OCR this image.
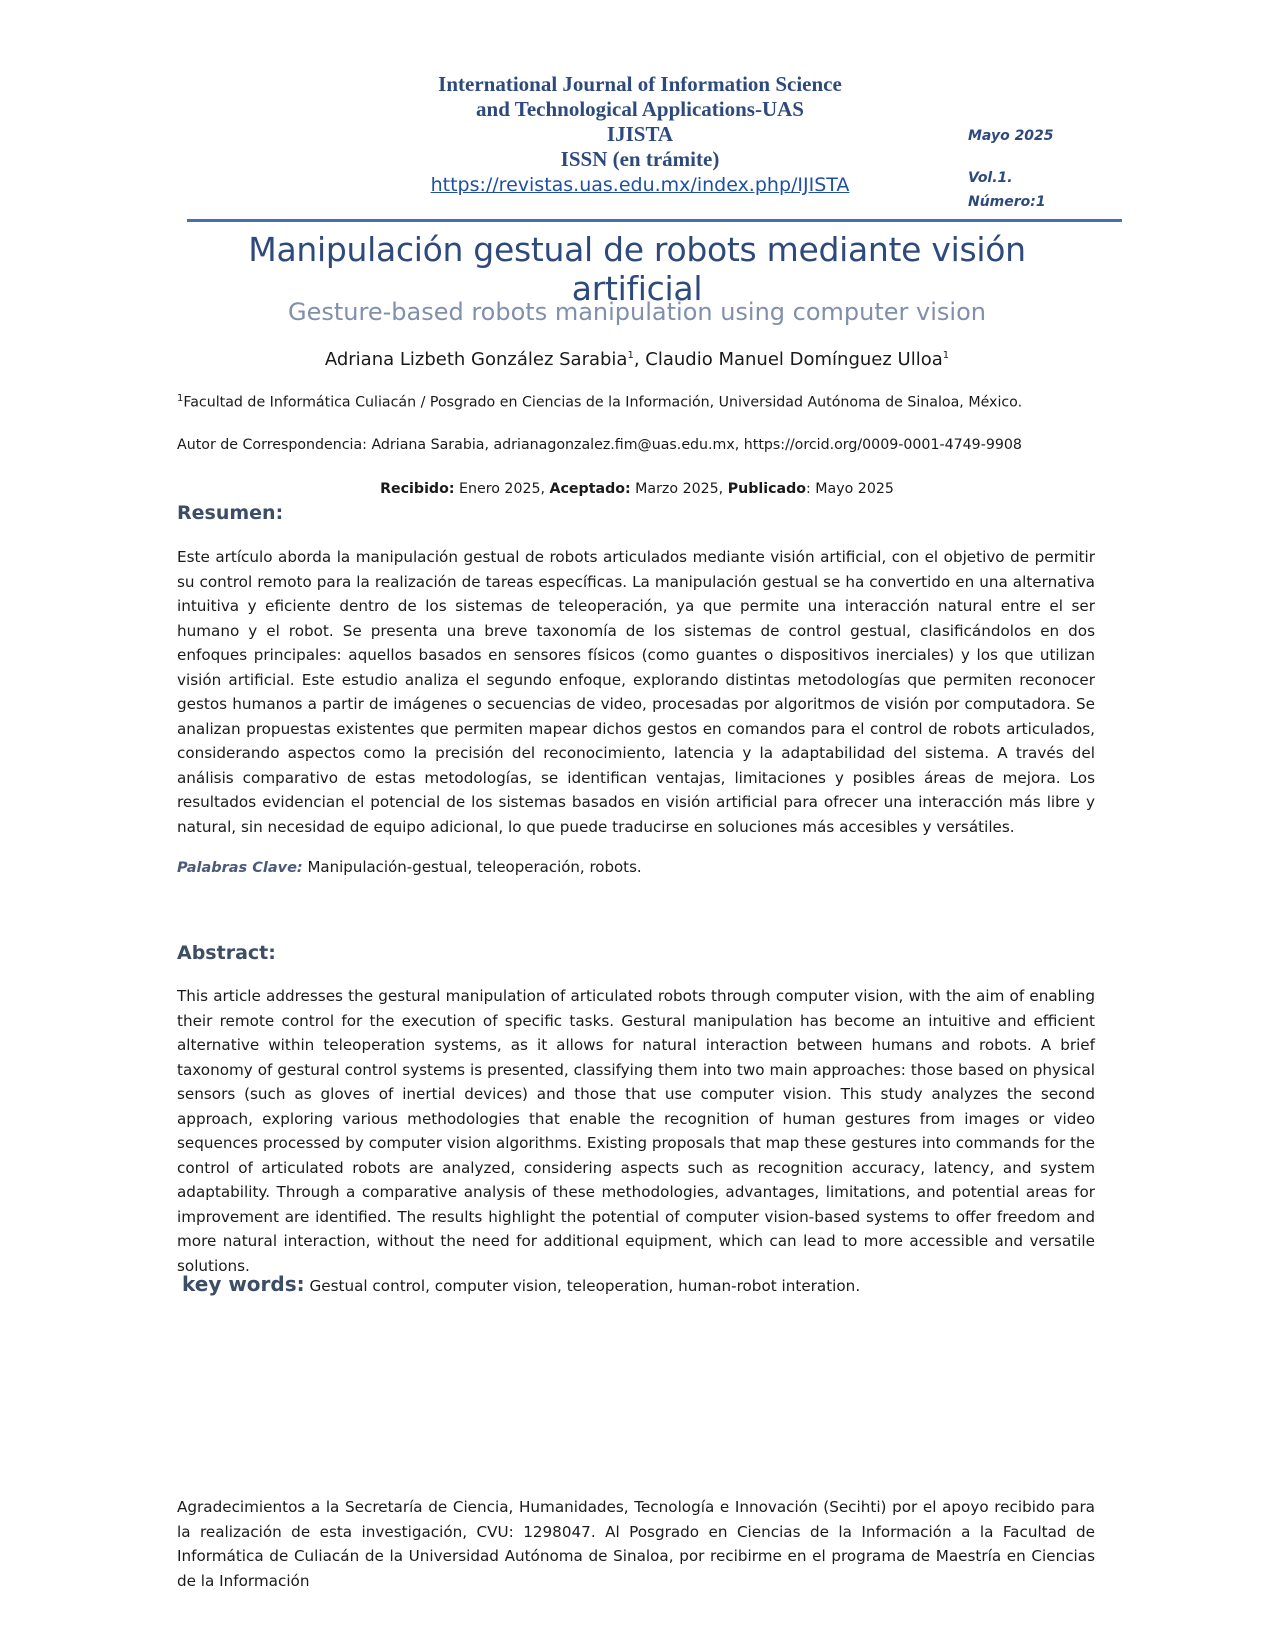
International Journal of Information Science
and Technological Applications-UAS
IJISTA
ISSN (en trámite)
https://revistas.uas.edu.mx/index.php/IJISTA
Mayo 2025
Vol.1.
Número:1
Manipulación gestual de robots mediante visión artificial
Gesture-based robots manipulation using computer vision
Adriana Lizbeth González Sarabia$^1$, Claudio Manuel Domínguez Ulloa$^1$
$^1$Facultad de Informática Culiacán / Posgrado en Ciencias de la Información, Universidad Autónoma de Sinaloa, México.
Autor de Correspondencia: Adriana Sarabia, adrianagonzalez.fim@uas.edu.mx, https://orcid.org/0009-0001-4749-9908
Recibido: Enero 2025, Aceptado: Marzo 2025, Publicado: Mayo 2025
Resumen:
Este artículo aborda la manipulación gestual de robots articulados mediante visión artificial, con el objetivo de permitir su control remoto para la realización de tareas específicas. La manipulación gestual se ha convertido en una alternativa intuitiva y eficiente dentro de los sistemas de teleoperación, ya que permite una interacción natural entre el ser humano y el robot. Se presenta una breve taxonomía de los sistemas de control gestual, clasificándolos en dos enfoques principales: aquellos basados en sensores físicos (como guantes o dispositivos inerciales) y los que utilizan visión artificial. Este estudio analiza el segundo enfoque, explorando distintas metodologías que permiten reconocer gestos humanos a partir de imágenes o secuencias de video, procesadas por algoritmos de visión por computadora. Se analizan propuestas existentes que permiten mapear dichos gestos en comandos para el control de robots articulados, considerando aspectos como la precisión del reconocimiento, latencia y la adaptabilidad del sistema. A través del análisis comparativo de estas metodologías, se identifican ventajas, limitaciones y posibles áreas de mejora. Los resultados evidencian el potencial de los sistemas basados en visión artificial para ofrecer una interacción más libre y natural, sin necesidad de equipo adicional, lo que puede traducirse en soluciones más accesibles y versátiles.
Palabras Clave: Manipulación-gestual, teleoperación, robots.
Abstract:
This article addresses the gestural manipulation of articulated robots through computer vision, with the aim of enabling their remote control for the execution of specific tasks. Gestural manipulation has become an intuitive and efficient alternative within teleoperation systems, as it allows for natural interaction between humans and robots. A brief taxonomy of gestural control systems is presented, classifying them into two main approaches: those based on physical sensors (such as gloves of inertial devices) and those that use computer vision. This study analyzes the second approach, exploring various methodologies that enable the recognition of human gestures from images or video sequences processed by computer vision algorithms. Existing proposals that map these gestures into commands for the control of articulated robots are analyzed, considering aspects such as recognition accuracy, latency, and system adaptability. Through a comparative analysis of these methodologies, advantages, limitations, and potential areas for improvement are identified. The results highlight the potential of computer vision-based systems to offer freedom and more natural interaction, without the need for additional equipment, which can lead to more accessible and versatile solutions.
key words: Gestual control, computer vision, teleoperation, human-robot interation.
Agradecimientos a la Secretaría de Ciencia, Humanidades, Tecnología e Innovación (Secihti) por el apoyo recibido para la realización de esta investigación, CVU: 1298047. Al Posgrado en Ciencias de la Información a la Facultad de Informática de Culiacán de la Universidad Autónoma de Sinaloa, por recibirme en el programa de Maestría en Ciencias de la Información
